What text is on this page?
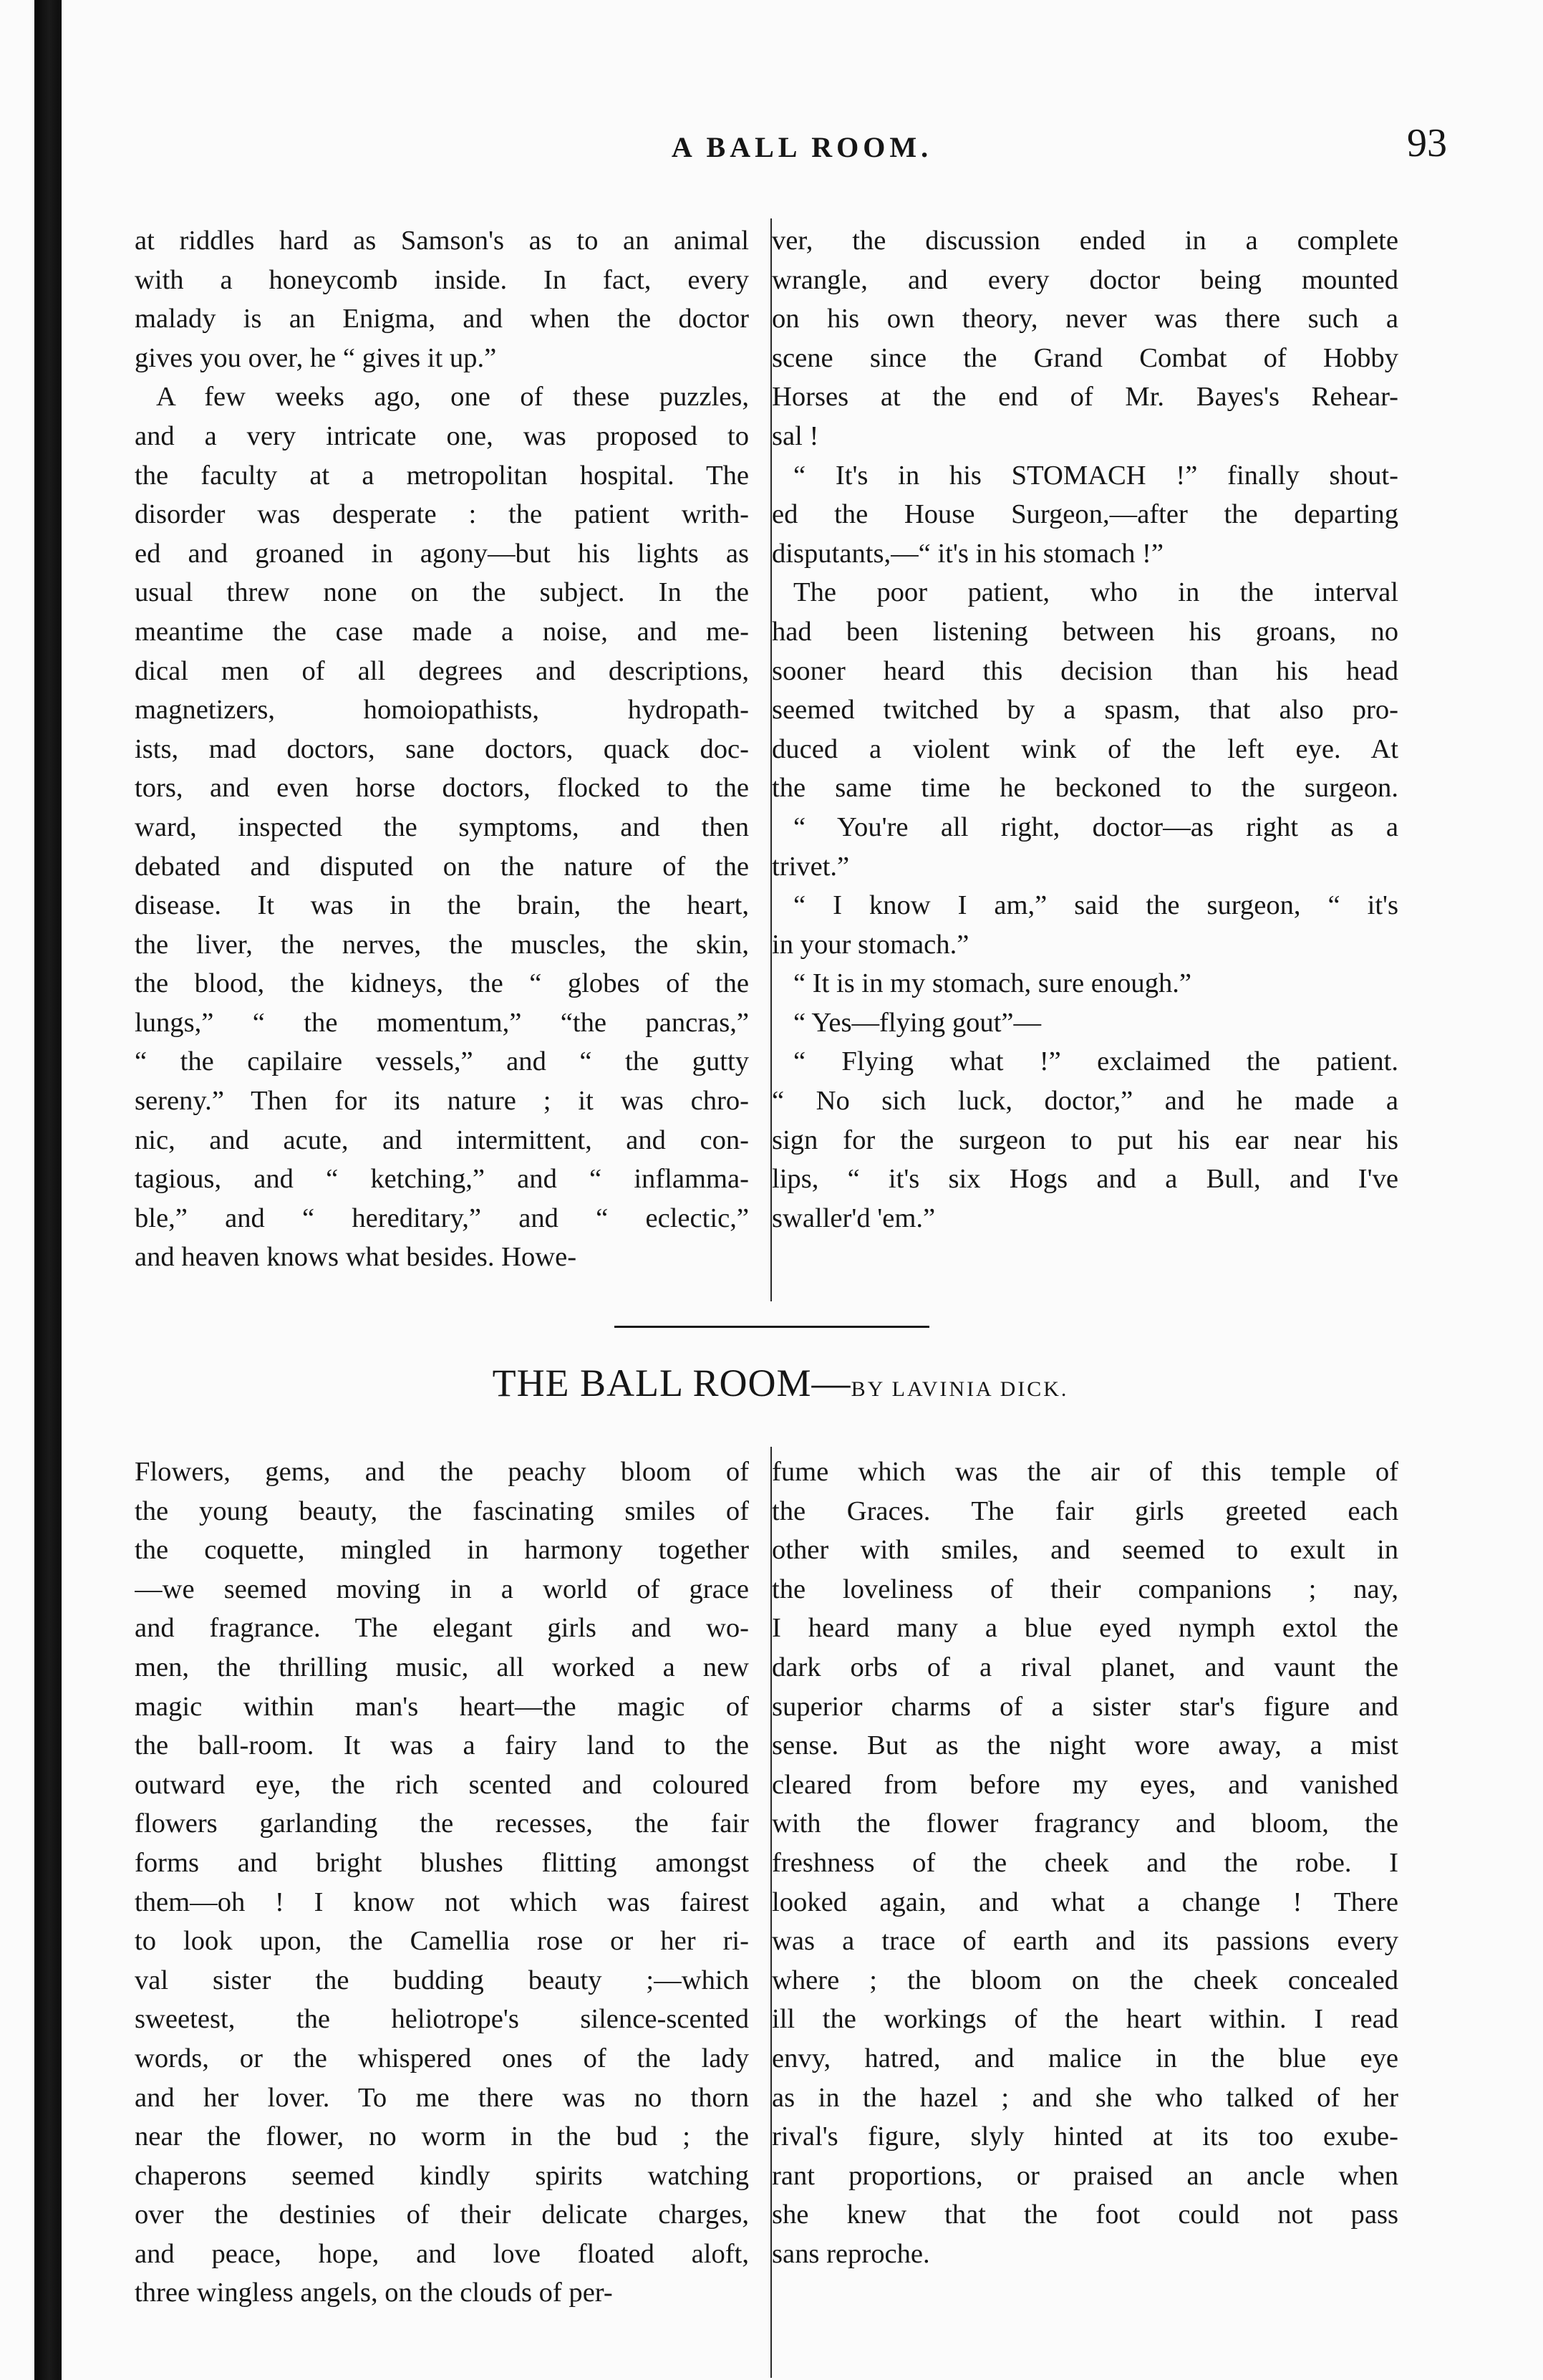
A BALL ROOM.	93

at riddles hard as Samson's as to an animal

with a honeycomb inside. In fact, every

malady is an Enigma, and when the doctor

gives you over, he “ gives it up.”

A few weeks ago, one of these puzzles,

and a very intricate one, was proposed to

the faculty at a metropolitan hospital. The

disorder was desperate : the patient writh-

ed and groaned in agony—but his lights as

usual threw none on the subject. In the

meantime the case made a noise, and me-

dical men of all degrees and descriptions,

magnetizers, homoiopathists, hydropath-

ists, mad doctors, sane doctors, quack doc-

tors, and even horse doctors, flocked to the

ward, inspected the symptoms, and then

debated and disputed on the nature of the

disease. It was in the brain, the heart,

the liver, the nerves, the muscles, the skin,

the blood, the kidneys, the “ globes of the

lungs,” “ the momentum,” “the pancras,”

“ the capilaire vessels,” and “ the gutty

sereny.” Then for its nature ; it was chro-

nic, and acute, and intermittent, and con-

tagious, and “ ketching,” and “ inflamma-

ble,” and “ hereditary,” and “ eclectic,”

and heaven knows what besides. Howe-

ver, the discussion ended in a complete

wrangle, and every doctor being mounted

on his own theory, never was there such a

scene since the Grand Combat of Hobby

Horses at the end of Mr. Bayes's Rehear-

sal !

“ It's in his STOMACH !” finally shout-

ed the House Surgeon,—after the departing

disputants,—“ it's in his stomach !”

The poor patient, who in the interval

had been listening between his groans, no

sooner heard this decision than his head

seemed twitched by a spasm, that also pro-

duced a violent wink of the left eye. At

the same time he beckoned to the surgeon.

“ You're all right, doctor—as right as a

trivet.”

“ I know I am,” said the surgeon, “ it's

in your stomach.”

“ It is in my stomach, sure enough.”

“ Yes—flying gout”—

“ Flying what !” exclaimed the patient.

“ No sich luck, doctor,” and he made a

sign for the surgeon to put his ear near his

lips, “ it's six Hogs and a Bull, and I've

swaller'd 'em.”

THE BALL ROOM—BY LAVINIA DICK.

Flowers, gems, and the peachy bloom of

the young beauty, the fascinating smiles of

the coquette, mingled in harmony together

—we seemed moving in a world of grace

and fragrance. The elegant girls and wo-

men, the thrilling music, all worked a new

magic within man's heart—the magic of

the ball-room. It was a fairy land to the

outward eye, the rich scented and coloured

flowers garlanding the recesses, the fair

forms and bright blushes flitting amongst

them—oh ! I know not which was fairest

to look upon, the Camellia rose or her ri-

val sister the budding beauty ;—which

sweetest, the heliotrope's silence-scented

words, or the whispered ones of the lady

and her lover. To me there was no thorn

near the flower, no worm in the bud ; the

chaperons seemed kindly spirits watching

over the destinies of their delicate charges,

and peace, hope, and love floated aloft,

three wingless angels, on the clouds of per-

fume which was the air of this temple of

the Graces. The fair girls greeted each

other with smiles, and seemed to exult in

the loveliness of their companions ; nay,

I heard many a blue eyed nymph extol the

dark orbs of a rival planet, and vaunt the

superior charms of a sister star's figure and

sense. But as the night wore away, a mist

cleared from before my eyes, and vanished

with the flower fragrancy and bloom, the

freshness of the cheek and the robe. I

looked again, and what a change ! There

was a trace of earth and its passions every

where ; the bloom on the cheek concealed

ill the workings of the heart within. I read

envy, hatred, and malice in the blue eye

as in the hazel ; and she who talked of her

rival's figure, slyly hinted at its too exube-

rant proportions, or praised an ancle when

she knew that the foot could not pass

sans reproche.
